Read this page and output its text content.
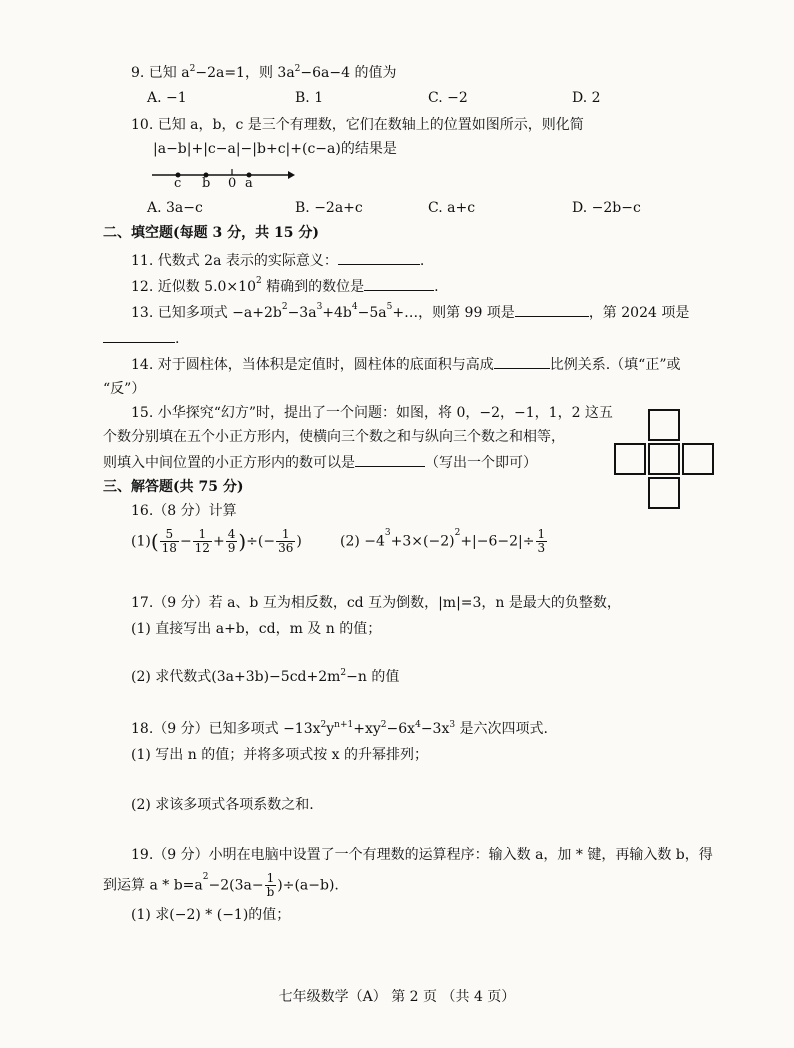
9. 已知 $a^2-2a=1$，则 $3a^2-6a-4$ 的值为
A. −1	B. 1	C. −2	D. 2
10. 已知 a，b，c 是三个有理数，它们在数轴上的位置如图所示，则化简
|a−b|+|c−a|−|b+c|+(c−a)的结果是
c b 0 a
A. 3a−c	B. −2a+c	C. a+c	D. −2b−c
二、填空题(每题 3 分，共 15 分)
11. 代数式 2a 表示的实际意义：	.
12. 近似数 $5.0\times 10^2$ 精确到的数位是	.
13. 已知多项式 $-a+2b^2-3a^3+4b^4-5a^5+\dots$，则第 99 项是	，第 2024 项是
.
14. 对于圆柱体，当体积是定值时，圆柱体的底面积与高成	比例关系.（填“正”或
“反”）
15. 小华探究“幻方”时，提出了一个问题：如图，将 0，−2，−1，1，2 这五
个数分别填在五个小正方形内，使横向三个数之和与纵向三个数之和相等，
则填入中间位置的小正方形内的数可以是	（写出一个即可）
三、解答题(共 75 分)
16.（8 分）计算
$(1)( \frac{5}{18} - \frac{1}{12} + \frac{4}{9}$ )÷(− $\frac{1}{36}$ )	$(2) -4^3+3\times(-2)^2+|-6-2|\div \frac{1}{3}$
17.（9 分）若 a、b 互为相反数，cd 互为倒数，|m|=3，n 是最大的负整数，
(1) 直接写出 a+b，cd，m 及 n 的值；
(2) 求代数式$(3a+3b)-5cd+2m^2-n$ 的值
18.（9 分）已知多项式 $-13x^2y^{n+1}+xy^2-6x^4-3x^3$ 是六次四项式.
(1) 写出 n 的值；并将多项式按 x 的升幂排列；
(2) 求该多项式各项系数之和.
19.（9 分）小明在电脑中设置了一个有理数的运算程序：输入数 a，加 * 键，再输入数 b，得
到运算 $a * b=a^2-2(3a- \frac{1}{b} )\div(a-b)$.
(1) 求(−2) * (−1)的值；
七年级数学（A） 第 2 页 （共 4 页）
